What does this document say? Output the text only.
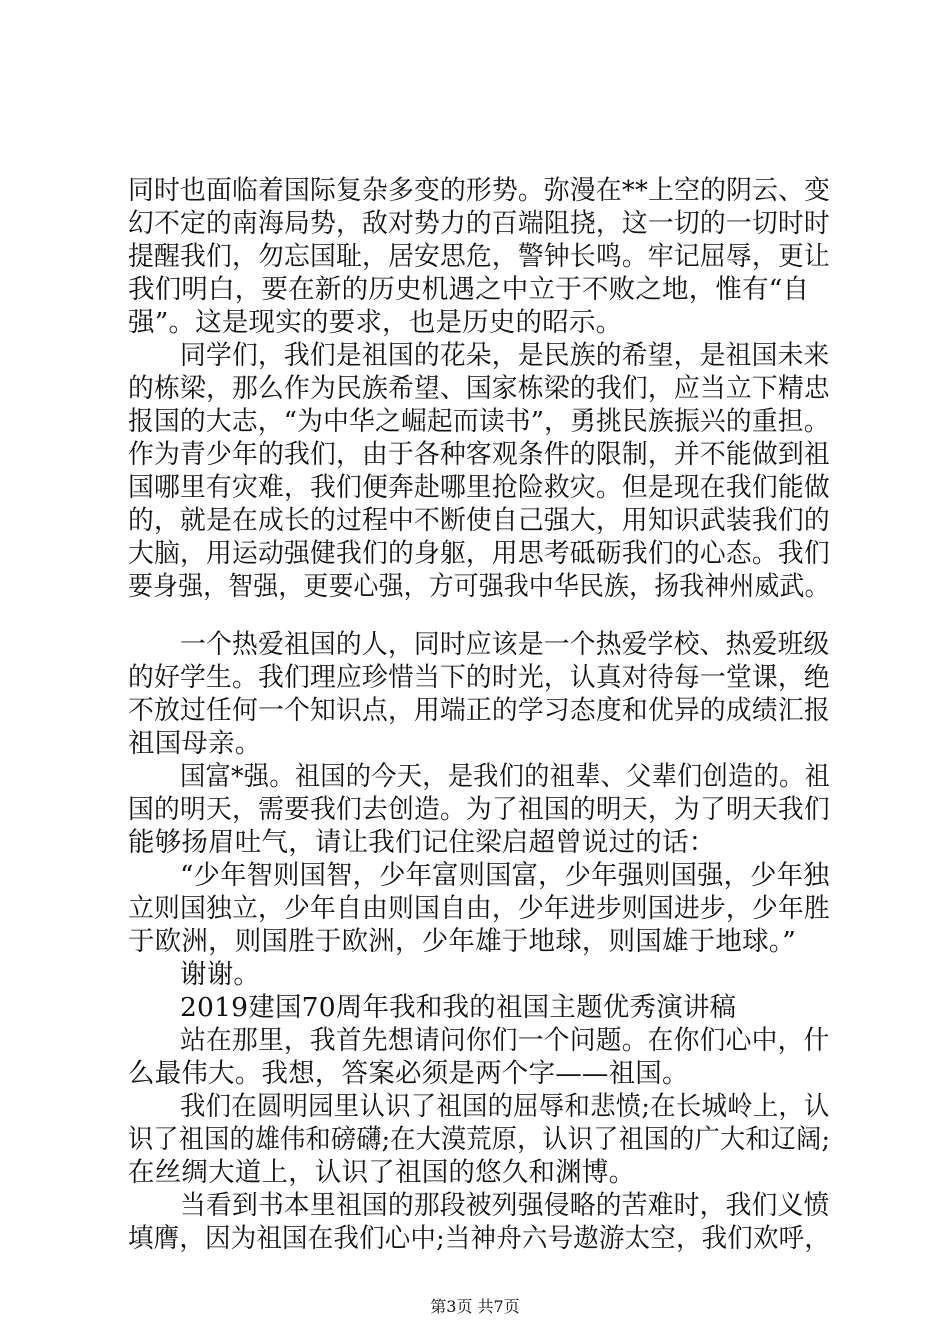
同时也面临着国际复杂多变的形势。弥漫在**上空的阴云、变
幻不定的南海局势，敌对势力的百端阻挠，这一切的一切时时
提醒我们，勿忘国耻，居安思危，警钟长鸣。牢记屈辱，更让
我们明白，要在新的历史机遇之中立于不败之地，惟有“自
强”。这是现实的要求，也是历史的昭示。
同学们，我们是祖国的花朵，是民族的希望，是祖国未来
的栋梁，那么作为民族希望、国家栋梁的我们，应当立下精忠
报国的大志，“为中华之崛起而读书”，勇挑民族振兴的重担。
作为青少年的我们，由于各种客观条件的限制，并不能做到祖
国哪里有灾难，我们便奔赴哪里抢险救灾。但是现在我们能做
的，就是在成长的过程中不断使自己强大，用知识武装我们的
大脑，用运动强健我们的身躯，用思考砥砺我们的心态。我们
要身强，智强，更要心强，方可强我中华民族，扬我神州威武。
一个热爱祖国的人，同时应该是一个热爱学校、热爱班级
的好学生。我们理应珍惜当下的时光，认真对待每一堂课，绝
不放过任何一个知识点，用端正的学习态度和优异的成绩汇报
祖国母亲。
国富*强。祖国的今天，是我们的祖辈、父辈们创造的。祖
国的明天，需要我们去创造。为了祖国的明天，为了明天我们
能够扬眉吐气，请让我们记住梁启超曾说过的话：
“少年智则国智，少年富则国富，少年强则国强，少年独
立则国独立，少年自由则国自由，少年进步则国进步，少年胜
于欧洲，则国胜于欧洲，少年雄于地球，则国雄于地球。”
谢谢。
2019建国70周年我和我的祖国主题优秀演讲稿
站在那里，我首先想请问你们一个问题。在你们心中，什
么最伟大。我想，答案必须是两个字——祖国。
我们在圆明园里认识了祖国的屈辱和悲愤;在长城岭上，认
识了祖国的雄伟和磅礴;在大漠荒原，认识了祖国的广大和辽阔;
在丝绸大道上，认识了祖国的悠久和渊博。
当看到书本里祖国的那段被列强侵略的苦难时，我们义愤
填膺，因为祖国在我们心中;当神舟六号遨游太空，我们欢呼，
第3页 共7页
